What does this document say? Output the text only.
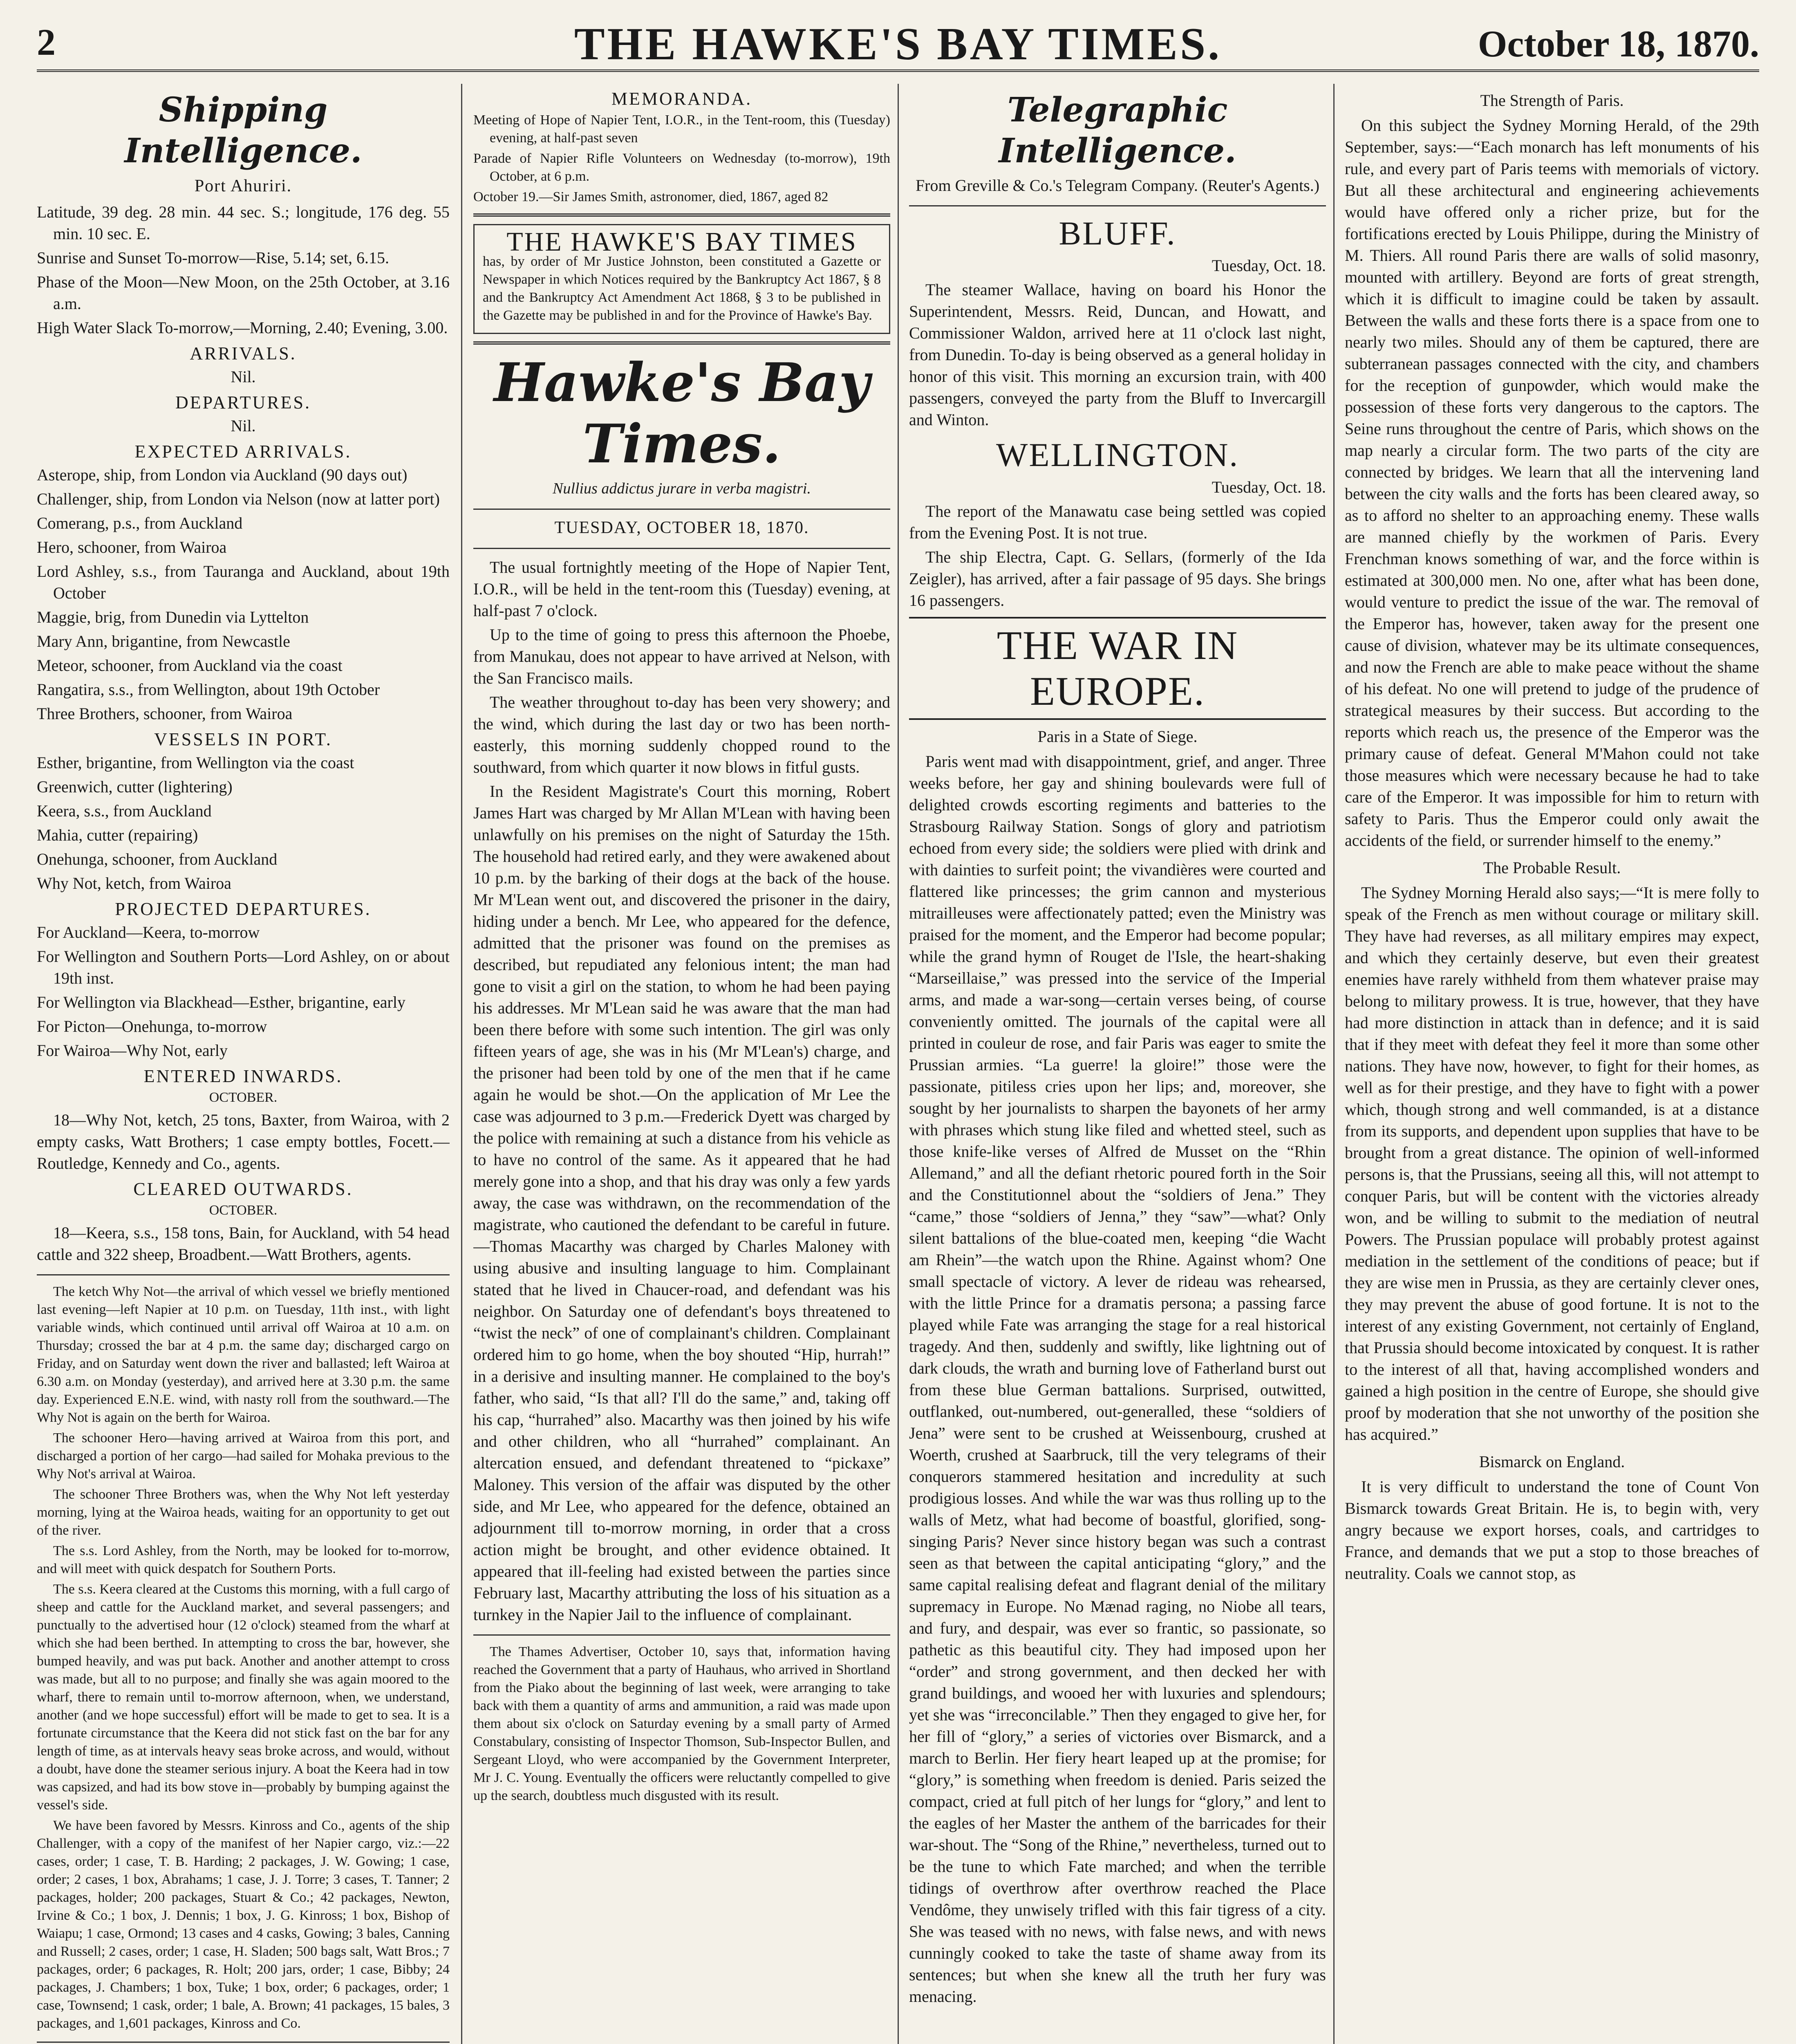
2	THE HAWKE'S BAY TIMES.	October 18, 1870.
Shipping Intelligence.
Port Ahuriri.

Latitude, 39 deg. 28 min. 44 sec. S.; longitude, 176 deg. 55 min. 10 sec. E.

Sunrise and Sunset To-morrow—Rise, 5.14; set, 6.15.

Phase of the Moon—New Moon, on the 25th October, at 3.16 a.m.

High Water Slack To-morrow,—Morning, 2.40; Evening, 3.00.

ARRIVALS.

Nil.

DEPARTURES.

Nil.

EXPECTED ARRIVALS.

Asterope, ship, from London via Auckland (90 days out)

Challenger, ship, from London via Nelson (now at latter port)

Comerang, p.s., from Auckland

Hero, schooner, from Wairoa

Lord Ashley, s.s., from Tauranga and Auckland, about 19th October

Maggie, brig, from Dunedin via Lyttelton

Mary Ann, brigantine, from Newcastle

Meteor, schooner, from Auckland via the coast

Rangatira, s.s., from Wellington, about 19th October

Three Brothers, schooner, from Wairoa

VESSELS IN PORT.

Esther, brigantine, from Wellington via the coast

Greenwich, cutter (lightering)

Keera, s.s., from Auckland

Mahia, cutter (repairing)

Onehunga, schooner, from Auckland

Why Not, ketch, from Wairoa

PROJECTED DEPARTURES.

For Auckland—Keera, to-morrow

For Wellington and Southern Ports—Lord Ashley, on or about 19th inst.

For Wellington via Blackhead—Esther, brigantine, early

For Picton—Onehunga, to-morrow

For Wairoa—Why Not, early

ENTERED INWARDS.

OCTOBER.

18—Why Not, ketch, 25 tons, Baxter, from Wairoa, with 2 empty casks, Watt Brothers; 1 case empty bottles, Focett.—Routledge, Kennedy and Co., agents.

CLEARED OUTWARDS.

OCTOBER.

18—Keera, s.s., 158 tons, Bain, for Auckland, with 54 head cattle and 322 sheep, Broadbent.—Watt Brothers, agents.

The ketch Why Not—the arrival of which vessel we briefly mentioned last evening—left Napier at 10 p.m. on Tuesday, 11th inst., with light variable winds, which continued until arrival off Wairoa at 10 a.m. on Thursday; crossed the bar at 4 p.m. the same day; discharged cargo on Friday, and on Saturday went down the river and ballasted; left Wairoa at 6.30 a.m. on Monday (yesterday), and arrived here at 3.30 p.m. the same day. Experienced E.N.E. wind, with nasty roll from the southward.—The Why Not is again on the berth for Wairoa.

The schooner Hero—having arrived at Wairoa from this port, and discharged a portion of her cargo—had sailed for Mohaka previous to the Why Not's arrival at Wairoa.

The schooner Three Brothers was, when the Why Not left yesterday morning, lying at the Wairoa heads, waiting for an opportunity to get out of the river.

The s.s. Lord Ashley, from the North, may be looked for to-morrow, and will meet with quick despatch for Southern Ports.

The s.s. Keera cleared at the Customs this morning, with a full cargo of sheep and cattle for the Auckland market, and several passengers; and punctually to the advertised hour (12 o'clock) steamed from the wharf at which she had been berthed. In attempting to cross the bar, however, she bumped heavily, and was put back. Another and another attempt to cross was made, but all to no purpose; and finally she was again moored to the wharf, there to remain until to-morrow afternoon, when, we understand, another (and we hope successful) effort will be made to get to sea. It is a fortunate circumstance that the Keera did not stick fast on the bar for any length of time, as at intervals heavy seas broke across, and would, without a doubt, have done the steamer serious injury. A boat the Keera had in tow was capsized, and had its bow stove in—probably by bumping against the vessel's side.

We have been favored by Messrs. Kinross and Co., agents of the ship Challenger, with a copy of the manifest of her Napier cargo, viz.:—22 cases, order; 1 case, T. B. Harding; 2 packages, J. W. Gowing; 1 case, order; 2 cases, 1 box, Abrahams; 1 case, J. J. Torre; 3 cases, T. Tanner; 2 packages, holder; 200 packages, Stuart & Co.; 42 packages, Newton, Irvine & Co.; 1 box, J. Dennis; 1 box, J. G. Kinross; 1 box, Bishop of Waiapu; 1 case, Ormond; 13 cases and 4 casks, Gowing; 3 bales, Canning and Russell; 2 cases, order; 1 case, H. Sladen; 500 bags salt, Watt Bros.; 7 packages, order; 6 packages, R. Holt; 200 jars, order; 1 case, Bibby; 24 packages, J. Chambers; 1 box, Tuke; 1 box, order; 6 packages, order; 1 case, Townsend; 1 cask, order; 1 bale, A. Brown; 41 packages, 15 bales, 3 packages, and 1,601 packages, Kinross and Co.

MEMORANDA.

Meeting of Hope of Napier Tent, I.O.R., in the Tent-room, this (Tuesday) evening, at half-past seven

Parade of Napier Rifle Volunteers on Wednesday (to-morrow), 19th October, at 6 p.m.

October 19.—Sir James Smith, astronomer, died, 1867, aged 82

THE HAWKE'S BAY TIMES

has, by order of Mr Justice Johnston, been constituted a Gazette or Newspaper in which Notices required by the Bankruptcy Act 1867, § 8 and the Bankruptcy Act Amendment Act 1868, § 3 to be published in the Gazette may be published in and for the Province of Hawke's Bay.

Hawke's Bay Times.
Nullius addictus jurare in verba magistri.
TUESDAY, OCTOBER 18, 1870.

The usual fortnightly meeting of the Hope of Napier Tent, I.O.R., will be held in the tent-room this (Tuesday) evening, at half-past 7 o'clock.

Up to the time of going to press this afternoon the Phoebe, from Manukau, does not appear to have arrived at Nelson, with the San Francisco mails.

The weather throughout to-day has been very showery; and the wind, which during the last day or two has been north-easterly, this morning suddenly chopped round to the southward, from which quarter it now blows in fitful gusts.

In the Resident Magistrate's Court this morning, Robert James Hart was charged by Mr Allan M'Lean with having been unlawfully on his premises on the night of Saturday the 15th. The household had retired early, and they were awakened about 10 p.m. by the barking of their dogs at the back of the house. Mr M'Lean went out, and discovered the prisoner in the dairy, hiding under a bench. Mr Lee, who appeared for the defence, admitted that the prisoner was found on the premises as described, but repudiated any felonious intent; the man had gone to visit a girl on the station, to whom he had been paying his addresses. Mr M'Lean said he was aware that the man had been there before with some such intention. The girl was only fifteen years of age, she was in his (Mr M'Lean's) charge, and the prisoner had been told by one of the men that if he came again he would be shot.—On the application of Mr Lee the case was adjourned to 3 p.m.—Frederick Dyett was charged by the police with remaining at such a distance from his vehicle as to have no control of the same. As it appeared that he had merely gone into a shop, and that his dray was only a few yards away, the case was withdrawn, on the recommendation of the magistrate, who cautioned the defendant to be careful in future.—Thomas Macarthy was charged by Charles Maloney with using abusive and insulting language to him. Complainant stated that he lived in Chaucer-road, and defendant was his neighbor. On Saturday one of defendant's boys threatened to “twist the neck” of one of complainant's children. Complainant ordered him to go home, when the boy shouted “Hip, hurrah!” in a derisive and insulting manner. He complained to the boy's father, who said, “Is that all? I'll do the same,” and, taking off his cap, “hurrahed” also. Macarthy was then joined by his wife and other children, who all “hurrahed” complainant. An altercation ensued, and defendant threatened to “pickaxe” Maloney. This version of the affair was disputed by the other side, and Mr Lee, who appeared for the defence, obtained an adjournment till to-morrow morning, in order that a cross action might be brought, and other evidence obtained. It appeared that ill-feeling had existed between the parties since February last, Macarthy attributing the loss of his situation as a turnkey in the Napier Jail to the influence of complainant.

The Thames Advertiser, October 10, says that, information having reached the Government that a party of Hauhaus, who arrived in Shortland from the Piako about the beginning of last week, were arranging to take back with them a quantity of arms and ammunition, a raid was made upon them about six o'clock on Saturday evening by a small party of Armed Constabulary, consisting of Inspector Thomson, Sub-Inspector Bullen, and Sergeant Lloyd, who were accompanied by the Government Interpreter, Mr J. C. Young. Eventually the officers were reluctantly compelled to give up the search, doubtless much disgusted with its result.

Telegraphic Intelligence.

From Greville & Co.'s Telegram Company. (Reuter's Agents.)

BLUFF.
Tuesday, Oct. 18.

The steamer Wallace, having on board his Honor the Superintendent, Messrs. Reid, Duncan, and Howatt, and Commissioner Waldon, arrived here at 11 o'clock last night, from Dunedin. To-day is being observed as a general holiday in honor of this visit. This morning an excursion train, with 400 passengers, conveyed the party from the Bluff to Invercargill and Winton.

WELLINGTON.
Tuesday, Oct. 18.

The report of the Manawatu case being settled was copied from the Evening Post. It is not true.

The ship Electra, Capt. G. Sellars, (formerly of the Ida Zeigler), has arrived, after a fair passage of 95 days. She brings 16 passengers.

THE WAR IN EUROPE.
Paris in a State of Siege.

Paris went mad with disappointment, grief, and anger. Three weeks before, her gay and shining boulevards were full of delighted crowds escorting regiments and batteries to the Strasbourg Railway Station. Songs of glory and patriotism echoed from every side; the soldiers were plied with drink and with dainties to surfeit point; the vivandières were courted and flattered like princesses; the grim cannon and mysterious mitrailleuses were affectionately patted; even the Ministry was praised for the moment, and the Emperor had become popular; while the grand hymn of Rouget de l'Isle, the heart-shaking “Marseillaise,” was pressed into the service of the Imperial arms, and made a war-song—certain verses being, of course conveniently omitted. The journals of the capital were all printed in couleur de rose, and fair Paris was eager to smite the Prussian armies. “La guerre! la gloire!” those were the passionate, pitiless cries upon her lips; and, moreover, she sought by her journalists to sharpen the bayonets of her army with phrases which stung like filed and whetted steel, such as those knife-like verses of Alfred de Musset on the “Rhin Allemand,” and all the defiant rhetoric poured forth in the Soir and the Constitutionnel about the “soldiers of Jena.” They “came,” those “soldiers of Jenna,” they “saw”—what? Only silent battalions of the blue-coated men, keeping “die Wacht am Rhein”—the watch upon the Rhine. Against whom? One small spectacle of victory. A lever de rideau was rehearsed, with the little Prince for a dramatis persona; a passing farce played while Fate was arranging the stage for a real historical tragedy. And then, suddenly and swiftly, like lightning out of dark clouds, the wrath and burning love of Fatherland burst out from these blue German battalions. Surprised, outwitted, outflanked, out-numbered, out-generalled, these “soldiers of Jena” were sent to be crushed at Weissenbourg, crushed at Woerth, crushed at Saarbruck, till the very telegrams of their conquerors stammered hesitation and incredulity at such prodigious losses. And while the war was thus rolling up to the walls of Metz, what had become of boastful, glorified, song-singing Paris? Never since history began was such a contrast seen as that between the capital anticipating “glory,” and the same capital realising defeat and flagrant denial of the military supremacy in Europe. No Mænad raging, no Niobe all tears, and fury, and despair, was ever so frantic, so passionate, so pathetic as this beautiful city. They had imposed upon her “order” and strong government, and then decked her with grand buildings, and wooed her with luxuries and splendours; yet she was “irreconcilable.” Then they engaged to give her, for her fill of “glory,” a series of victories over Bismarck, and a march to Berlin. Her fiery heart leaped up at the promise; for “glory,” is something when freedom is denied. Paris seized the compact, cried at full pitch of her lungs for “glory,” and lent to the eagles of her Master the anthem of the barricades for their war-shout. The “Song of the Rhine,” nevertheless, turned out to be the tune to which Fate marched; and when the terrible tidings of overthrow after overthrow reached the Place Vendôme, they unwisely trifled with this fair tigress of a city. She was teased with no news, with false news, and with news cunningly cooked to take the taste of shame away from its sentences; but when she knew all the truth her fury was menacing.

The Strength of Paris.

On this subject the Sydney Morning Herald, of the 29th September, says:—“Each monarch has left monuments of his rule, and every part of Paris teems with memorials of victory. But all these architectural and engineering achievements would have offered only a richer prize, but for the fortifications erected by Louis Philippe, during the Ministry of M. Thiers. All round Paris there are walls of solid masonry, mounted with artillery. Beyond are forts of great strength, which it is difficult to imagine could be taken by assault. Between the walls and these forts there is a space from one to nearly two miles. Should any of them be captured, there are subterranean passages connected with the city, and chambers for the reception of gunpowder, which would make the possession of these forts very dangerous to the captors. The Seine runs throughout the centre of Paris, which shows on the map nearly a circular form. The two parts of the city are connected by bridges. We learn that all the intervening land between the city walls and the forts has been cleared away, so as to afford no shelter to an approaching enemy. These walls are manned chiefly by the workmen of Paris. Every Frenchman knows something of war, and the force within is estimated at 300,000 men. No one, after what has been done, would venture to predict the issue of the war. The removal of the Emperor has, however, taken away for the present one cause of division, whatever may be its ultimate consequences, and now the French are able to make peace without the shame of his defeat. No one will pretend to judge of the prudence of strategical measures by their success. But according to the reports which reach us, the presence of the Emperor was the primary cause of defeat. General M'Mahon could not take those measures which were necessary because he had to take care of the Emperor. It was impossible for him to return with safety to Paris. Thus the Emperor could only await the accidents of the field, or surrender himself to the enemy.”

The Probable Result.

The Sydney Morning Herald also says;—“It is mere folly to speak of the French as men without courage or military skill. They have had reverses, as all military empires may expect, and which they certainly deserve, but even their greatest enemies have rarely withheld from them whatever praise may belong to military prowess. It is true, however, that they have had more distinction in attack than in defence; and it is said that if they meet with defeat they feel it more than some other nations. They have now, however, to fight for their homes, as well as for their prestige, and they have to fight with a power which, though strong and well commanded, is at a distance from its supports, and dependent upon supplies that have to be brought from a great distance. The opinion of well-informed persons is, that the Prussians, seeing all this, will not attempt to conquer Paris, but will be content with the victories already won, and be willing to submit to the mediation of neutral Powers. The Prussian populace will probably protest against mediation in the settlement of the conditions of peace; but if they are wise men in Prussia, as they are certainly clever ones, they may prevent the abuse of good fortune. It is not to the interest of any existing Government, not certainly of England, that Prussia should become intoxicated by conquest. It is rather to the interest of all that, having accomplished wonders and gained a high position in the centre of Europe, she should give proof by moderation that she not unworthy of the position she has acquired.”

Bismarck on England.

It is very difficult to understand the tone of Count Von Bismarck towards Great Britain. He is, to begin with, very angry because we export horses, coals, and cartridges to France, and demands that we put a stop to those breaches of neutrality. Coals we cannot stop, as
